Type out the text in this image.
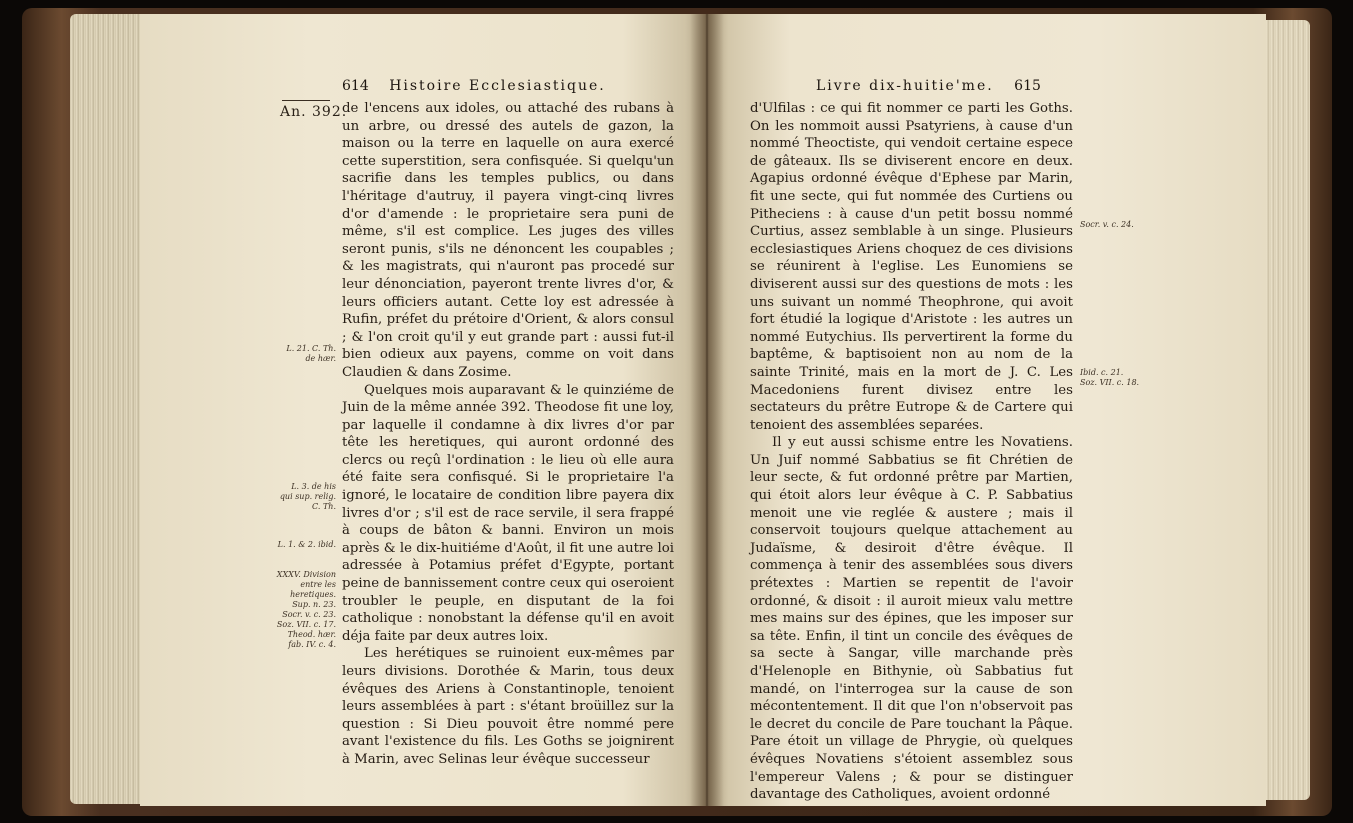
614 Histoire Ecclesiastique.
An. 392.

de l'encens aux idoles, ou attaché des rubans à un arbre, ou dressé des autels de gazon, la maison ou la terre en laquelle on aura exercé cette superstition, sera confisquée. Si quelqu'un sacrifie dans les temples publics, ou dans l'héritage d'autruy, il payera vingt-cinq livres d'or d'amende : le proprietaire sera puni de même, s'il est complice. Les juges des villes seront punis, s'ils ne dénoncent les coupables ; & les magistrats, qui n'auront pas procedé sur leur dénonciation, payeront trente livres d'or, & leurs officiers autant. Cette loy est adressée à Rufin, préfet du prétoire d'Orient, & alors consul ; & l'on croit qu'il y eut grande part : aussi fut-il bien odieux aux payens, comme on voit dans Claudien & dans Zosime.

Quelques mois auparavant & le quinziéme de Juin de la même année 392. Theodose fit une loy, par laquelle il condamne à dix livres d'or par tête les heretiques, qui auront ordonné des clercs ou reçû l'ordination : le lieu où elle aura été faite sera confisqué. Si le proprietaire l'a ignoré, le locataire de condition libre payera dix livres d'or ; s'il est de race servile, il sera frappé à coups de bâton & banni. Environ un mois après & le dix-huitiéme d'Août, il fit une autre loi adressée à Potamius préfet d'Egypte, portant peine de bannissement contre ceux qui oseroient troubler le peuple, en disputant de la foi catholique : nonobstant la défense qu'il en avoit déja faite par deux autres loix.

Les herétiques se ruinoient eux-mêmes par leurs divisions. Dorothée & Marin, tous deux évêques des Ariens à Constantinople, tenoient leurs assemblées à part : s'étant broüillez sur la question : Si Dieu pouvoit être nommé pere avant l'existence du fils. Les Goths se joignirent à Marin, avec Selinas leur évêque successeur

L. 21. C. Th. de hær.
L. 3. de his qui sup. relig. C. Th.
L. 1. & 2. ibid.
XXXV. Division entre les heretiques. Sup. n. 23. Socr. v. c. 23. Soz. VII. c. 17. Theod. hær. fab. IV. c. 4.
Livre dix-huitie'me. 615

d'Ulfilas : ce qui fit nommer ce parti les Goths. On les nommoit aussi Psatyriens, à cause d'un nommé Theoctiste, qui vendoit certaine espece de gâteaux. Ils se diviserent encore en deux. Agapius ordonné évêque d'Ephese par Marin, fit une secte, qui fut nommée des Curtiens ou Pitheciens : à cause d'un petit bossu nommé Curtius, assez semblable à un singe. Plusieurs ecclesiastiques Ariens choquez de ces divisions se réunirent à l'eglise. Les Eunomiens se diviserent aussi sur des questions de mots : les uns suivant un nommé Theophrone, qui avoit fort étudié la logique d'Aristote : les autres un nommé Eutychius. Ils pervertirent la forme du baptême, & baptisoient non au nom de la sainte Trinité, mais en la mort de J. C. Les Macedoniens furent divisez entre les sectateurs du prêtre Eutrope & de Cartere qui tenoient des assemblées separées.

Il y eut aussi schisme entre les Novatiens. Un Juif nommé Sabbatius se fit Chrétien de leur secte, & fut ordonné prêtre par Martien, qui étoit alors leur évêque à C. P. Sabbatius menoit une vie reglée & austere ; mais il conservoit toujours quelque attachement au Judaïsme, & desiroit d'être évêque. Il commença à tenir des assemblées sous divers prétextes : Martien se repentit de l'avoir ordonné, & disoit : il auroit mieux valu mettre mes mains sur des épines, que les imposer sur sa tête. Enfin, il tint un concile des évêques de sa secte à Sangar, ville marchande près d'Helenople en Bithynie, où Sabbatius fut mandé, on l'interrogea sur la cause de son mécontentement. Il dit que l'on n'observoit pas le decret du concile de Pare touchant la Pâque. Pare étoit un village de Phrygie, où quelques évêques Novatiens s'étoient assemblez sous l'empereur Valens ; & pour se distinguer davantage des Catholiques, avoient ordonné

Socr. v. c. 24.
Ibid. c. 21. Soz. VII. c. 18.
